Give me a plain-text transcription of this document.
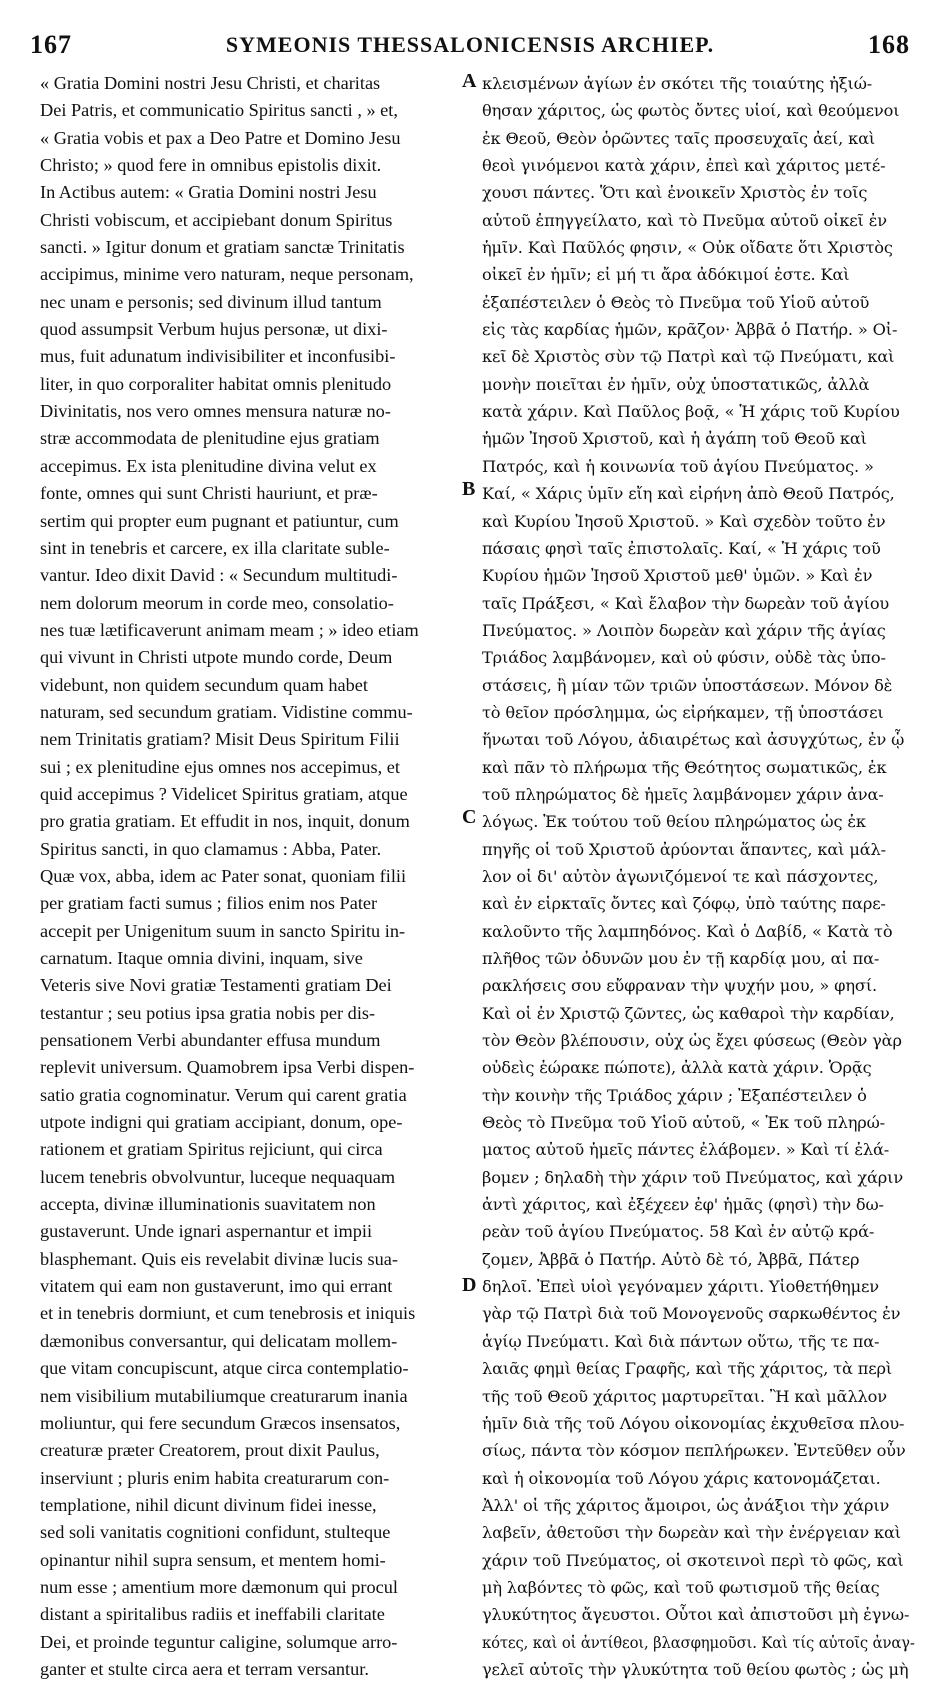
167	SYMEONIS THESSALONICENSIS ARCHIEP.	168
A
B
C
D
« Gratia Domini nostri Jesu Christi, et charitas
Dei Patris, et communicatio Spiritus sancti , » et,
« Gratia vobis et pax a Deo Patre et Domino Jesu
Christo; » quod fere in omnibus epistolis dixit.
In Actibus autem: « Gratia Domini nostri Jesu
Christi vobiscum, et accipiebant donum Spiritus
sancti. » Igitur donum et gratiam sanctæ Trinitatis
accipimus, minime vero naturam, neque personam,
nec unam e personis; sed divinum illud tantum
quod assumpsit Verbum hujus personæ, ut dixi-
mus, fuit adunatum indivisibiliter et inconfusibi-
liter, in quo corporaliter habitat omnis plenitudo
Divinitatis, nos vero omnes mensura naturæ no-
stræ accommodata de plenitudine ejus gratiam
accepimus. Ex ista plenitudine divina velut ex
fonte, omnes qui sunt Christi hauriunt, et præ-
sertim qui propter eum pugnant et patiuntur, cum
sint in tenebris et carcere, ex illa claritate suble-
vantur. Ideo dixit David : « Secundum multitudi-
nem dolorum meorum in corde meo, consolatio-
nes tuæ lætificaverunt animam meam ; » ideo etiam
qui vivunt in Christi utpote mundo corde, Deum
videbunt, non quidem secundum quam habet
naturam, sed secundum gratiam. Vidistine commu-
nem Trinitatis gratiam? Misit Deus Spiritum Filii
sui ; ex plenitudine ejus omnes nos accepimus, et
quid accepimus ? Videlicet Spiritus gratiam, atque
pro gratia gratiam. Et effudit in nos, inquit, donum
Spiritus sancti, in quo clamamus : Abba, Pater.
Quæ vox, abba, idem ac Pater sonat, quoniam filii
per gratiam facti sumus ; filios enim nos Pater
accepit per Unigenitum suum in sancto Spiritu in-
carnatum. Itaque omnia divini, inquam, sive
Veteris sive Novi gratiæ Testamenti gratiam Dei
testantur ; seu potius ipsa gratia nobis per dis-
pensationem Verbi abundanter effusa mundum
replevit universum. Quamobrem ipsa Verbi dispen-
satio gratia cognominatur. Verum qui carent gratia
utpote indigni qui gratiam accipiant, donum, ope-
rationem et gratiam Spiritus rejiciunt, qui circa
lucem tenebris obvolvuntur, luceque nequaquam
accepta, divinæ illuminationis suavitatem non
gustaverunt. Unde ignari aspernantur et impii
blasphemant. Quis eis revelabit divinæ lucis sua-
vitatem qui eam non gustaverunt, imo qui errant
et in tenebris dormiunt, et cum tenebrosis et iniquis
dæmonibus conversantur, qui delicatam mollem-
que vitam concupiscunt, atque circa contemplatio-
nem visibilium mutabiliumque creaturarum inania
moliuntur, qui fere secundum Græcos insensatos,
creaturæ præter Creatorem, prout dixit Paulus,
inserviunt ; pluris enim habita creaturarum con-
templatione, nihil dicunt divinum fidei inesse,
sed soli vanitatis cognitioni confidunt, stulteque
opinantur nihil supra sensum, et mentem homi-
num esse ; amentium more dæmonum qui procul
distant a spiritalibus radiis et ineffabili claritate
Dei, et proinde teguntur caligine, solumque arro-
ganter et stulte circa aera et terram versantur.
κλεισμένων ἁγίων ἐν σκότει τῆς τοιαύτης ἠξιώ-
θησαν χάριτος, ὡς φωτὸς ὄντες υἱοί, καὶ θεούμενοι
ἐκ Θεοῦ, Θεὸν ὁρῶντες ταῖς προσευχαῖς ἀεί, καὶ
θεοὶ γινόμενοι κατὰ χάριν, ἐπεὶ καὶ χάριτος μετέ-
χουσι πάντες. Ὅτι καὶ ἐνοικεῖν Χριστὸς ἐν τοῖς
αὐτοῦ ἐπηγγείλατο, καὶ τὸ Πνεῦμα αὐτοῦ οἰκεῖ ἐν
ἡμῖν. Καὶ Παῦλός φησιν, « Οὐκ οἴδατε ὅτι Χριστὸς
οἰκεῖ ἐν ἡμῖν; εἰ μή τι ἄρα ἀδόκιμοί ἐστε. Καὶ
ἐξαπέστειλεν ὁ Θεὸς τὸ Πνεῦμα τοῦ Υἱοῦ αὐτοῦ
εἰς τὰς καρδίας ἡμῶν, κρᾶζον· Ἀββᾶ ὁ Πατήρ. » Οἰ-
κεῖ δὲ Χριστὸς σὺν τῷ Πατρὶ καὶ τῷ Πνεύματι, καὶ
μονὴν ποιεῖται ἐν ἡμῖν, οὐχ ὑποστατικῶς, ἀλλὰ
κατὰ χάριν. Καὶ Παῦλος βοᾷ, « Ἡ χάρις τοῦ Κυρίου
ἡμῶν Ἰησοῦ Χριστοῦ, καὶ ἡ ἀγάπη τοῦ Θεοῦ καὶ
Πατρός, καὶ ἡ κοινωνία τοῦ ἁγίου Πνεύματος. »
Καί, « Χάρις ὑμῖν εἴη καὶ εἰρήνη ἀπὸ Θεοῦ Πατρός,
καὶ Κυρίου Ἰησοῦ Χριστοῦ. » Καὶ σχεδὸν τοῦτο ἐν
πάσαις φησὶ ταῖς ἐπιστολαῖς. Καί, « Ἡ χάρις τοῦ
Κυρίου ἡμῶν Ἰησοῦ Χριστοῦ μεθ' ὑμῶν. » Καὶ ἐν
ταῖς Πράξεσι, « Καὶ ἔλαβον τὴν δωρεὰν τοῦ ἁγίου
Πνεύματος. » Λοιπὸν δωρεὰν καὶ χάριν τῆς ἁγίας
Τριάδος λαμβάνομεν, καὶ οὐ φύσιν, οὐδὲ τὰς ὑπο-
στάσεις, ἢ μίαν τῶν τριῶν ὑποστάσεων. Μόνον δὲ
τὸ θεῖον πρόσλημμα, ὡς εἰρήκαμεν, τῇ ὑποστάσει
ἥνωται τοῦ Λόγου, ἀδιαιρέτως καὶ ἀσυγχύτως, ἐν ᾧ
καὶ πᾶν τὸ πλήρωμα τῆς Θεότητος σωματικῶς, ἐκ
τοῦ πληρώματος δὲ ἡμεῖς λαμβάνομεν χάριν ἀνα-
λόγως. Ἐκ τούτου τοῦ θείου πληρώματος ὡς ἐκ
πηγῆς οἱ τοῦ Χριστοῦ ἀρύονται ἅπαντες, καὶ μάλ-
λον οἱ δι' αὐτὸν ἀγωνιζόμενοί τε καὶ πάσχοντες,
καὶ ἐν εἱρκταῖς ὄντες καὶ ζόφῳ, ὑπὸ ταύτης παρε-
καλοῦντο τῆς λαμπηδόνος. Καὶ ὁ Δαβίδ, « Κατὰ τὸ
πλῆθος τῶν ὀδυνῶν μου ἐν τῇ καρδίᾳ μου, αἱ πα-
ρακλήσεις σου εὔφραναν τὴν ψυχήν μου, » φησί.
Καὶ οἱ ἐν Χριστῷ ζῶντες, ὡς καθαροὶ τὴν καρδίαν,
τὸν Θεὸν βλέπουσιν, οὐχ ὡς ἔχει φύσεως (Θεὸν γὰρ
οὐδεὶς ἑώρακε πώποτε), ἀλλὰ κατὰ χάριν. Ὁρᾷς
τὴν κοινὴν τῆς Τριάδος χάριν ; Ἐξαπέστειλεν ὁ
Θεὸς τὸ Πνεῦμα τοῦ Υἱοῦ αὐτοῦ, « Ἐκ τοῦ πληρώ-
ματος αὐτοῦ ἡμεῖς πάντες ἐλάβομεν. » Καὶ τί ἐλά-
βομεν ; δηλαδὴ τὴν χάριν τοῦ Πνεύματος, καὶ χάριν
ἀντὶ χάριτος, καὶ ἐξέχεεν ἐφ' ἡμᾶς (φησὶ) τὴν δω-
ρεὰν τοῦ ἁγίου Πνεύματος. 58 Καὶ ἐν αὐτῷ κρά-
ζομεν, Ἀββᾶ ὁ Πατήρ. Αὐτὸ δὲ τό, Ἀββᾶ, Πάτερ
δηλοῖ. Ἐπεὶ υἱοὶ γεγόναμεν χάριτι. Υἱοθετήθημεν
γὰρ τῷ Πατρὶ διὰ τοῦ Μονογενοῦς σαρκωθέντος ἐν
ἁγίῳ Πνεύματι. Καὶ διὰ πάντων οὕτω, τῆς τε πα-
λαιᾶς φημὶ θείας Γραφῆς, καὶ τῆς χάριτος, τὰ περὶ
τῆς τοῦ Θεοῦ χάριτος μαρτυρεῖται. Ἢ καὶ μᾶλλον
ἡμῖν διὰ τῆς τοῦ Λόγου οἰκονομίας ἐκχυθεῖσα πλου-
σίως, πάντα τὸν κόσμον πεπλήρωκεν. Ἐντεῦθεν οὖν
καὶ ἡ οἰκονομία τοῦ Λόγου χάρις κατονομάζεται.
Ἀλλ' οἱ τῆς χάριτος ἄμοιροι, ὡς ἀνάξιοι τὴν χάριν
λαβεῖν, ἀθετοῦσι τὴν δωρεὰν καὶ τὴν ἐνέργειαν καὶ
χάριν τοῦ Πνεύματος, οἱ σκοτεινοὶ περὶ τὸ φῶς, καὶ
μὴ λαβόντες τὸ φῶς, καὶ τοῦ φωτισμοῦ τῆς θείας
γλυκύτητος ἄγευστοι. Οὗτοι καὶ ἀπιστοῦσι μὴ ἐγνω-
κότες, καὶ οἱ ἀντίθεοι, βλασφημοῦσι. Καὶ τίς αὐτοῖς ἀναγ-
γελεῖ αὐτοῖς τὴν γλυκύτητα τοῦ θείου φωτὸς ; ὡς μὴ
